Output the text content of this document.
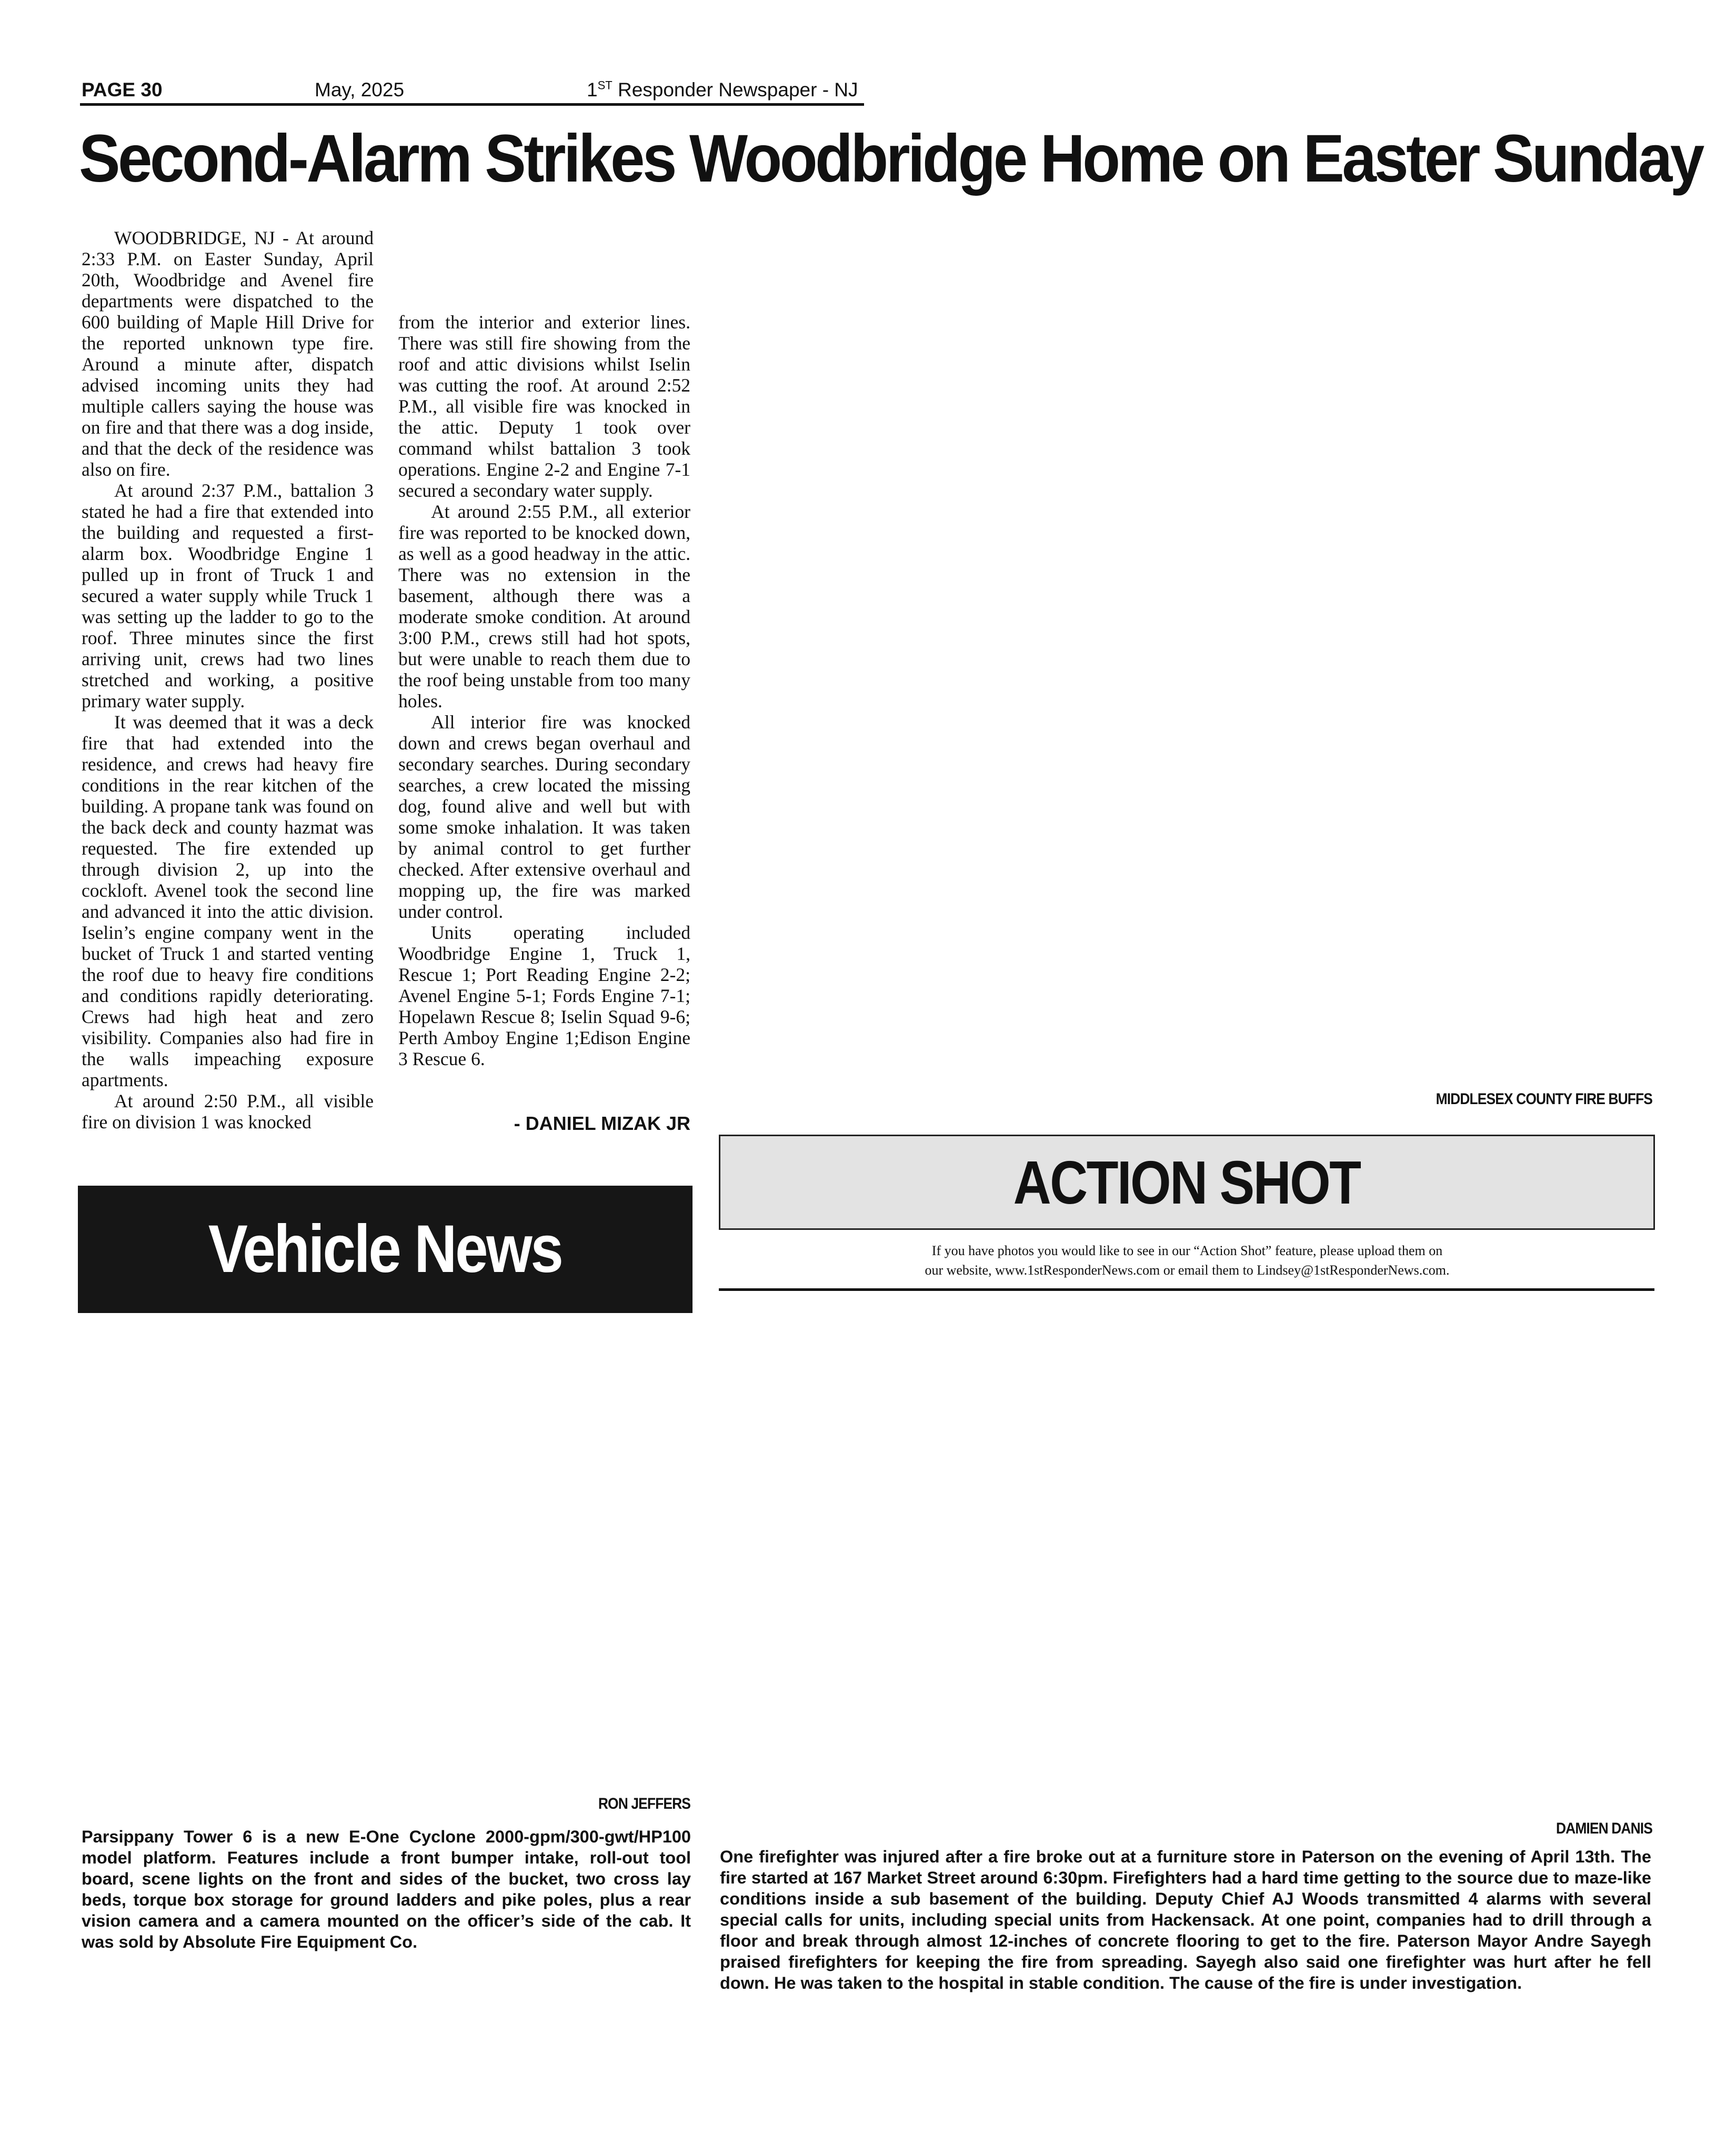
PAGE 30	May, 2025	1ST Responder Newspaper - NJ
Second-Alarm Strikes Woodbridge Home on Easter Sunday

WOODBRIDGE, NJ - At around 2:33 P.M. on Easter Sunday, April 20th, Woodbridge and Avenel fire departments were dispatched to the 600 building of Maple Hill Drive for the reported unknown type fire. Around a minute after, dispatch advised incoming units they had multiple callers saying the house was on fire and that there was a dog inside, and that the deck of the residence was also on fire.

At around 2:37 P.M., battalion 3 stated he had a fire that extended into the building and requested a first-alarm box. Woodbridge Engine 1 pulled up in front of Truck 1 and secured a water supply while Truck 1 was setting up the ladder to go to the roof. Three minutes since the first arriving unit, crews had two lines stretched and working, a positive primary water supply.

It was deemed that it was a deck fire that had extended into the residence, and crews had heavy fire conditions in the rear kitchen of the building. A propane tank was found on the back deck and county hazmat was requested. The fire extended up through division 2, up into the cockloft. Avenel took the second line and advanced it into the attic division. Iselin’s engine company went in the bucket of Truck 1 and started venting the roof due to heavy fire conditions and conditions rapidly deteriorating. Crews had high heat and zero visibility. Companies also had fire in the walls impeaching exposure apartments.

At around 2:50 P.M., all visible fire on division 1 was knocked

from the interior and exterior lines. There was still fire showing from the roof and attic divisions whilst Iselin was cutting the roof. At around 2:52 P.M., all visible fire was knocked in the attic. Deputy 1 took over command whilst battalion 3 took operations. Engine 2-2 and Engine 7-1 secured a secondary water supply.

At around 2:55 P.M., all exterior fire was reported to be knocked down, as well as a good headway in the attic. There was no extension in the basement, although there was a moderate smoke condition. At around 3:00 P.M., crews still had hot spots, but were unable to reach them due to the roof being unstable from too many holes.

All interior fire was knocked down and crews began overhaul and secondary searches. During secondary searches, a crew located the missing dog, found alive and well but with some smoke inhalation. It was taken by animal control to get further checked. After extensive overhaul and mopping up, the fire was marked under control.

Units operating included Woodbridge Engine 1, Truck 1, Rescue 1; Port Reading Engine 2-2; Avenel Engine 5-1; Fords Engine 7-1; Hopelawn Rescue 8; Iselin Squad 9-6; Perth Amboy Engine 1;Edison Engine 3 Rescue 6.

- DANIEL MIZAK JR
MIDDLESEX COUNTY FIRE BUFFS
Vehicle News
RON JEFFERS
Parsippany Tower 6 is a new E-One Cyclone 2000-gpm/300-gwt/HP100 model platform. Features include a front bumper intake, roll-out tool board, scene lights on the front and sides of the bucket, two cross lay beds, torque box storage for ground ladders and pike poles, plus a rear vision camera and a camera mounted on the officer’s side of the cab. It was sold by Absolute Fire Equipment Co.
ACTION SHOT
If you have photos you would like to see in our “Action Shot” feature, please upload them on
our website, www.1stResponderNews.com or email them to Lindsey@1stResponderNews.com.
DAMIEN DANIS
One firefighter was injured after a fire broke out at a furniture store in Paterson on the evening of April 13th. The fire started at 167 Market Street around 6:30pm. Firefighters had a hard time getting to the source due to maze-like conditions inside a sub basement of the building. Deputy Chief AJ Woods transmitted 4 alarms with several special calls for units, including special units from Hackensack. At one point, companies had to drill through a floor and break through almost 12-inches of concrete flooring to get to the fire. Paterson Mayor Andre Sayegh praised firefighters for keeping the fire from spreading. Sayegh also said one firefighter was hurt after he fell down. He was taken to the hospital in stable condition. The cause of the fire is under investigation.
